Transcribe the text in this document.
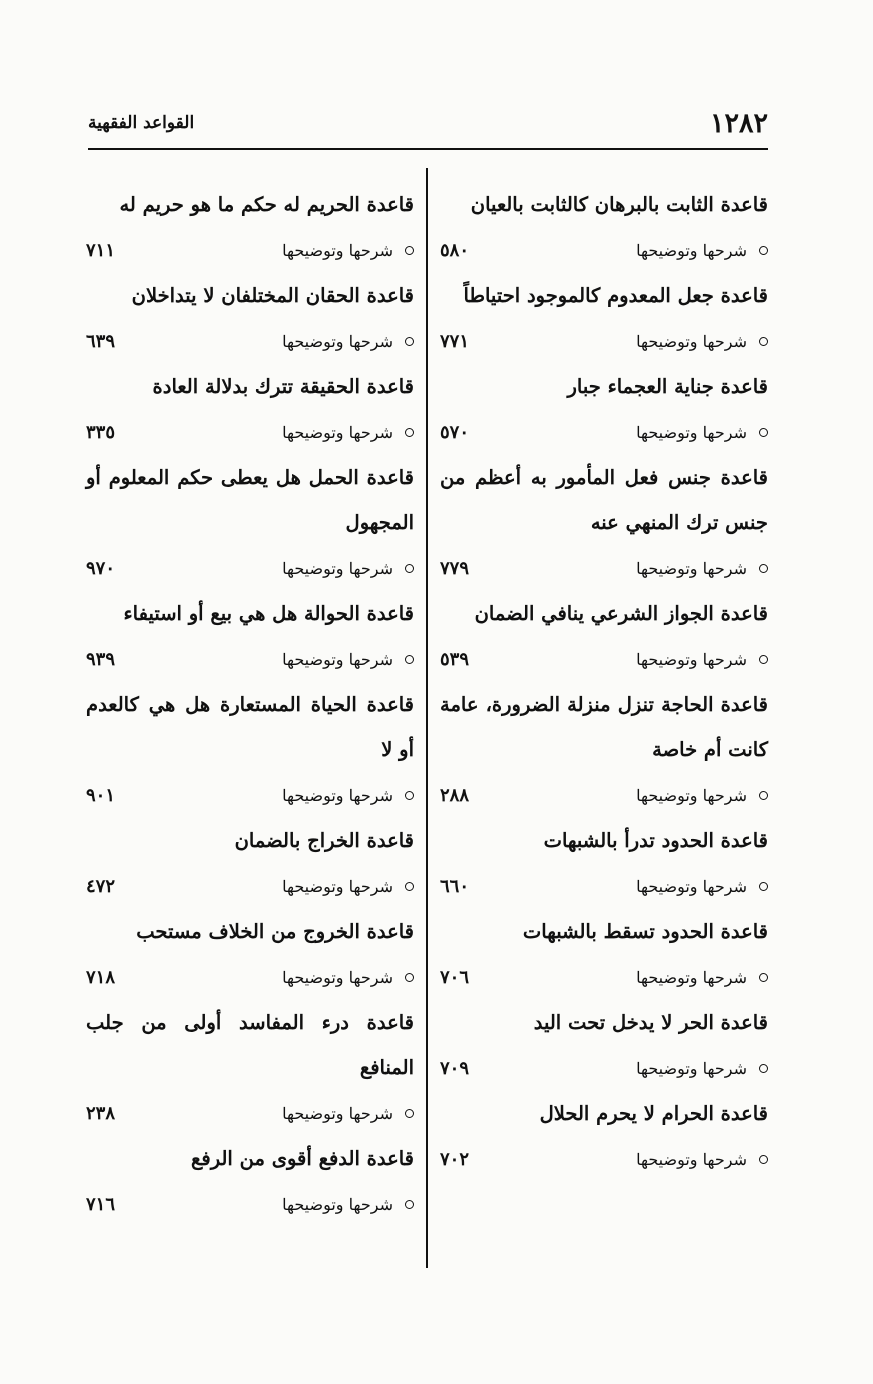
١٢٨٢
القواعد الفقهية
قاعدة الثابت بالبرهان كالثابت بالعيان
شرحها وتوضيحها
٥٨٠
قاعدة جعل المعدوم كالموجود احتياطاً
شرحها وتوضيحها
٧٧١
قاعدة جناية العجماء جبار
شرحها وتوضيحها
٥٧٠
قاعدة جنس فعل المأمور به أعظم من جنس ترك المنهي عنه
شرحها وتوضيحها
٧٧٩
قاعدة الجواز الشرعي ينافي الضمان
شرحها وتوضيحها
٥٣٩
قاعدة الحاجة تنزل منزلة الضرورة، عامة كانت أم خاصة
شرحها وتوضيحها
٢٨٨
قاعدة الحدود تدرأ بالشبهات
شرحها وتوضيحها
٦٦٠
قاعدة الحدود تسقط بالشبهات
شرحها وتوضيحها
٧٠٦
قاعدة الحر لا يدخل تحت اليد
شرحها وتوضيحها
٧٠٩
قاعدة الحرام لا يحرم الحلال
شرحها وتوضيحها
٧٠٢
قاعدة الحريم له حكم ما هو حريم له
شرحها وتوضيحها
٧١١
قاعدة الحقان المختلفان لا يتداخلان
شرحها وتوضيحها
٦٣٩
قاعدة الحقيقة تترك بدلالة العادة
شرحها وتوضيحها
٣٣٥
قاعدة الحمل هل يعطى حكم المعلوم أو المجهول
شرحها وتوضيحها
٩٧٠
قاعدة الحوالة هل هي بيع أو استيفاء
شرحها وتوضيحها
٩٣٩
قاعدة الحياة المستعارة هل هي كالعدم أو لا
شرحها وتوضيحها
٩٠١
قاعدة الخراج بالضمان
شرحها وتوضيحها
٤٧٢
قاعدة الخروج من الخلاف مستحب
شرحها وتوضيحها
٧١٨
قاعدة درء المفاسد أولى من جلب المنافع
شرحها وتوضيحها
٢٣٨
قاعدة الدفع أقوى من الرفع
شرحها وتوضيحها
٧١٦
